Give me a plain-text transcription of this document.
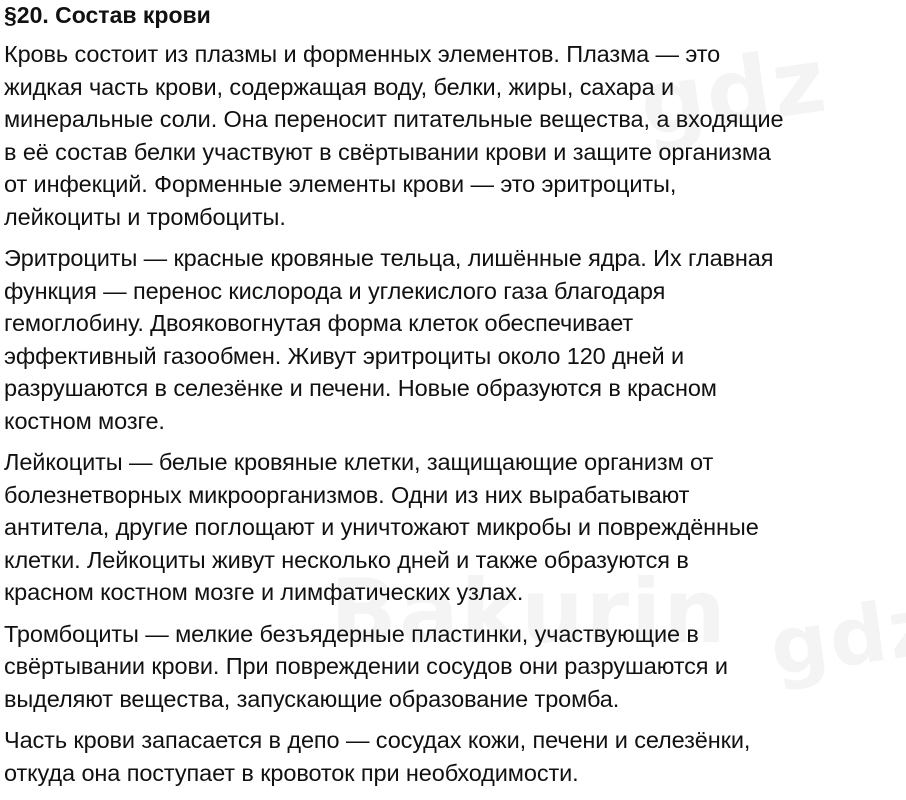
§20. Состав крови
Кровь состоит из плазмы и форменных элементов. Плазма — это
жидкая часть крови, содержащая воду, белки, жиры, сахара и
минеральные соли. Она переносит питательные вещества, а входящие
в её состав белки участвуют в свёртывании крови и защите организма
от инфекций. Форменные элементы крови — это эритроциты,
лейкоциты и тромбоциты.
Эритроциты — красные кровяные тельца, лишённые ядра. Их главная
функция — перенос кислорода и углекислого газа благодаря
гемоглобину. Двояковогнутая форма клеток обеспечивает
эффективный газообмен. Живут эритроциты около 120 дней и
разрушаются в селезёнке и печени. Новые образуются в красном
костном мозге.
Лейкоциты — белые кровяные клетки, защищающие организм от
болезнетворных микроорганизмов. Одни из них вырабатывают
антитела, другие поглощают и уничтожают микробы и повреждённые
клетки. Лейкоциты живут несколько дней и также образуются в
красном костном мозге и лимфатических узлах.
Тромбоциты — мелкие безъядерные пластинки, участвующие в
свёртывании крови. При повреждении сосудов они разрушаются и
выделяют вещества, запускающие образование тромба.
Часть крови запасается в депо — сосудах кожи, печени и селезёнки,
откуда она поступает в кровоток при необходимости.
